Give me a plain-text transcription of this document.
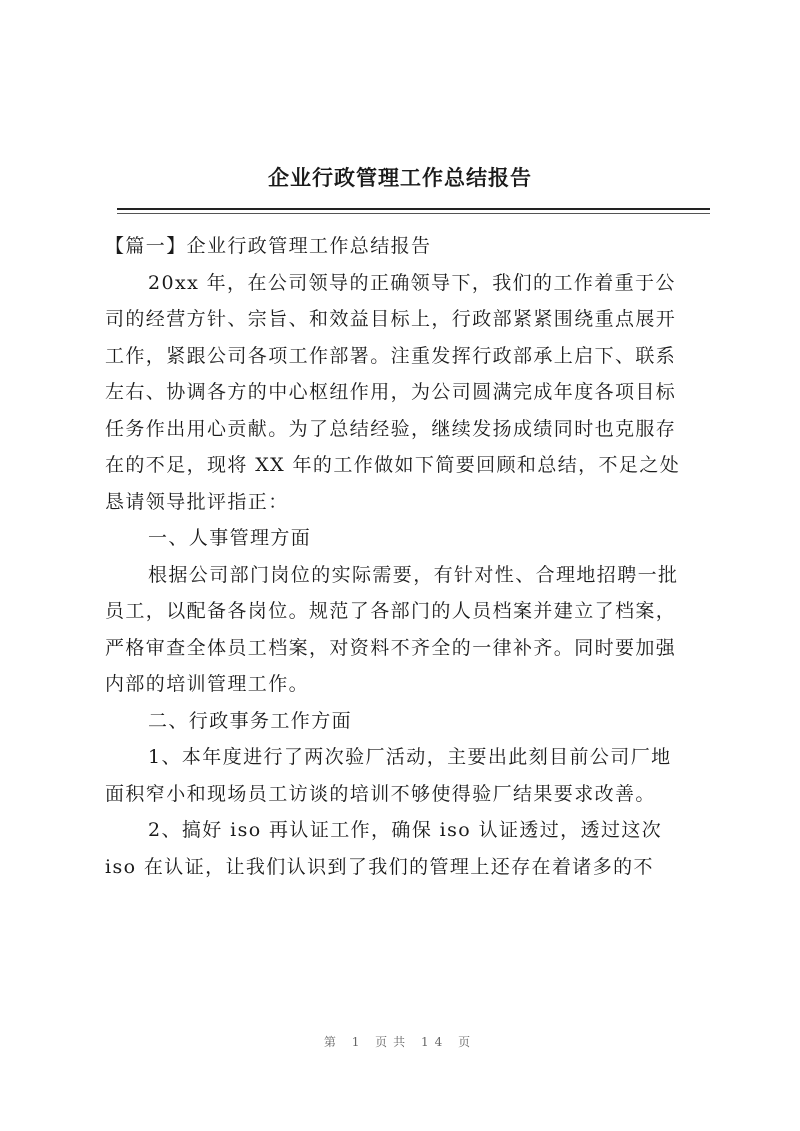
企业行政管理工作总结报告
【篇一】企业行政管理工作总结报告
20xx 年，在公司领导的正确领导下，我们的工作着重于公
司的经营方针、宗旨、和效益目标上，行政部紧紧围绕重点展开
工作，紧跟公司各项工作部署。注重发挥行政部承上启下、联系
左右、协调各方的中心枢纽作用，为公司圆满完成年度各项目标
任务作出用心贡献。为了总结经验，继续发扬成绩同时也克服存
在的不足，现将 XX 年的工作做如下简要回顾和总结，不足之处
恳请领导批评指正：
一、人事管理方面
根据公司部门岗位的实际需要，有针对性、合理地招聘一批
员工，以配备各岗位。规范了各部门的人员档案并建立了档案，
严格审查全体员工档案，对资料不齐全的一律补齐。同时要加强
内部的培训管理工作。
二、行政事务工作方面
1、本年度进行了两次验厂活动，主要出此刻目前公司厂地
面积窄小和现场员工访谈的培训不够使得验厂结果要求改善。
2、搞好 iso 再认证工作，确保 iso 认证透过，透过这次
iso 在认证，让我们认识到了我们的管理上还存在着诸多的不
第 1 页共 14 页
